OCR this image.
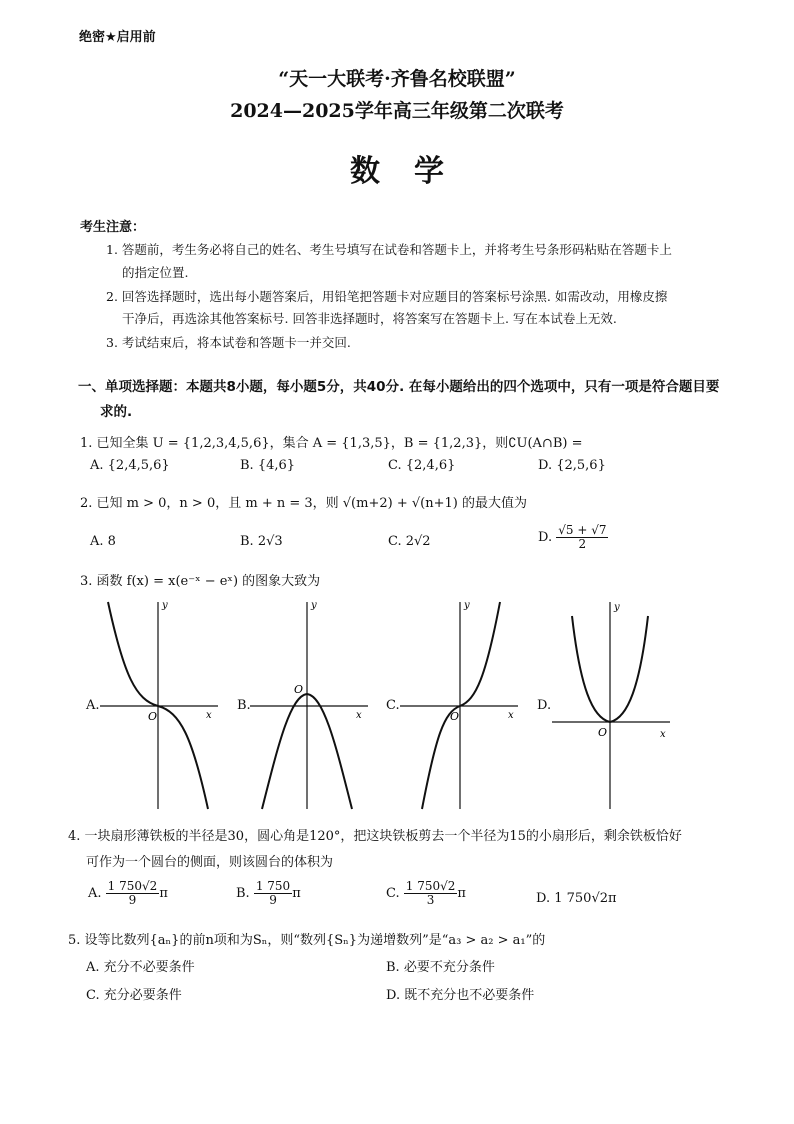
绝密★启用前
“天一大联考·齐鲁名校联盟”
2024—2025学年高三年级第二次联考
数学
考生注意：
1. 答题前，考生务必将自己的姓名、考生号填写在试卷和答题卡上，并将考生号条形码粘贴在答题卡上
的指定位置.
2. 回答选择题时，选出每小题答案后，用铅笔把答题卡对应题目的答案标号涂黑. 如需改动，用橡皮擦
干净后，再选涂其他答案标号. 回答非选择题时，将答案写在答题卡上. 写在本试卷上无效.
3. 考试结束后，将本试卷和答题卡一并交回.
一、单项选择题：本题共8小题，每小题5分，共40分. 在每小题给出的四个选项中，只有一项是符合题目要
求的.
1. 已知全集 U = {1,2,3,4,5,6}，集合 A = {1,3,5}，B = {1,2,3}，则∁U(A∩B) =
A. {2,4,5,6}	B. {4,6}	C. {2,4,6}	D. {2,5,6}
2. 已知 m > 0，n > 0，且 m + n = 3，则 √(m+2) + √(n+1) 的最大值为
A. 8	B. 2√3	C. 2√2	D. $\frac{√5 + √7}{2}$
3. 函数 f(x) = x(e⁻ˣ − eˣ) 的图象大致为
A.
O	x
y
B.
O
x
y
C.
O	x
y
D.
O	x
y
4. 一块扇形薄铁板的半径是30，圆心角是120°，把这块铁板剪去一个半径为15的小扇形后，剩余铁板恰好
可作为一个圆台的侧面，则该圆台的体积为
A. $\frac{1 750√2}{9}$ π	B. $\frac{1 750}{9}$ π	C. $\frac{1 750√2}{3}$ π	D. 1 750√2π
5. 设等比数列{aₙ}的前n项和为Sₙ，则“数列{Sₙ}为递增数列”是“a₃ > a₂ > a₁”的
A. 充分不必要条件	B. 必要不充分条件
C. 充分必要条件	D. 既不充分也不必要条件
